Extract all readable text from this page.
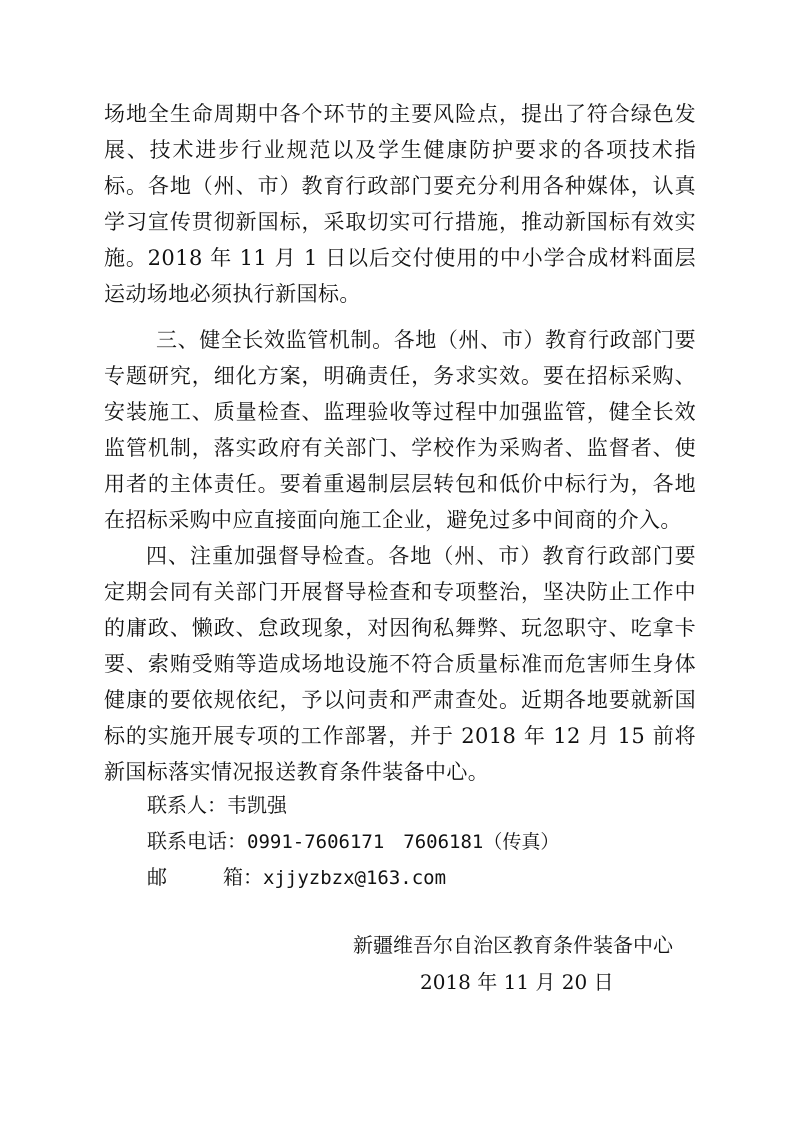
场地全生命周期中各个环节的主要风险点，提出了符合绿色发展、技术进步行业规范以及学生健康防护要求的各项技术指标。各地（州、市）教育行政部门要充分利用各种媒体，认真学习宣传贯彻新国标，采取切实可行措施，推动新国标有效实施。2018 年 11 月 1 日以后交付使用的中小学合成材料面层运动场地必须执行新国标。

三、健全长效监管机制。各地（州、市）教育行政部门要专题研究，细化方案，明确责任，务求实效。要在招标采购、安装施工、质量检查、监理验收等过程中加强监管，健全长效监管机制，落实政府有关部门、学校作为采购者、监督者、使用者的主体责任。要着重遏制层层转包和低价中标行为，各地在招标采购中应直接面向施工企业，避免过多中间商的介入。

四、注重加强督导检查。各地（州、市）教育行政部门要定期会同有关部门开展督导检查和专项整治，坚决防止工作中的庸政、懒政、怠政现象，对因徇私舞弊、玩忽职守、吃拿卡要、索贿受贿等造成场地设施不符合质量标准而危害师生身体健康的要依规依纪，予以问责和严肃查处。近期各地要就新国标的实施开展专项的工作部署，并于 2018 年 12 月 15 前将新国标落实情况报送教育条件装备中心。

联系人：韦凯强
联系电话：0991-7606171　7606181（传真）
邮	箱：xjjyzbzx@163.com
新疆维吾尔自治区教育条件装备中心
2018 年 11 月 20 日
